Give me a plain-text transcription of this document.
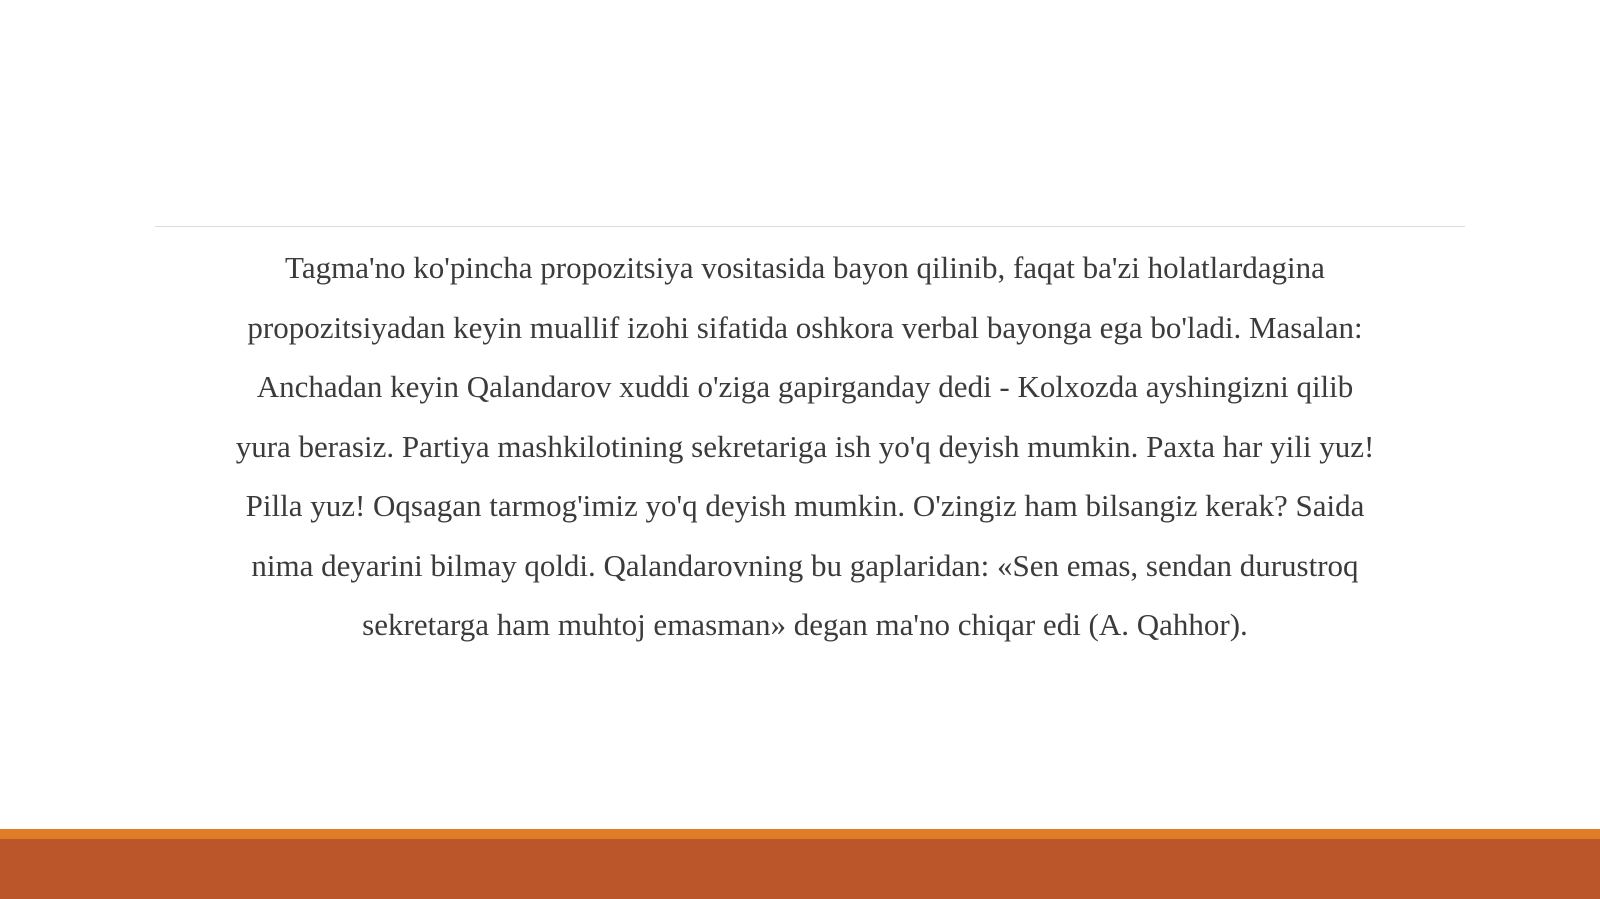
Tagma'no ko'pincha propozitsiya vositasida bayon qilinib, faqat ba'zi holatlardagina propozitsiyadan keyin muallif izohi sifatida oshkora verbal bayonga ega bo'ladi. Masalan: Anchadan keyin Qalandarov xuddi o'ziga gapirganday dedi - Kolxozda ayshingizni qilib yura berasiz. Partiya mashkilotining sekretariga ish yo'q deyish mumkin. Paxta har yili yuz! Pilla yuz! Oqsagan tarmog'imiz yo'q deyish mumkin. O'zingiz ham bilsangiz kerak? Saida nima deyarini bilmay qoldi. Qalandarovning bu gaplaridan: «Sen emas, sendan durustroq sekretarga ham muhtoj emasman» degan ma'no chiqar edi (A. Qahhor).
